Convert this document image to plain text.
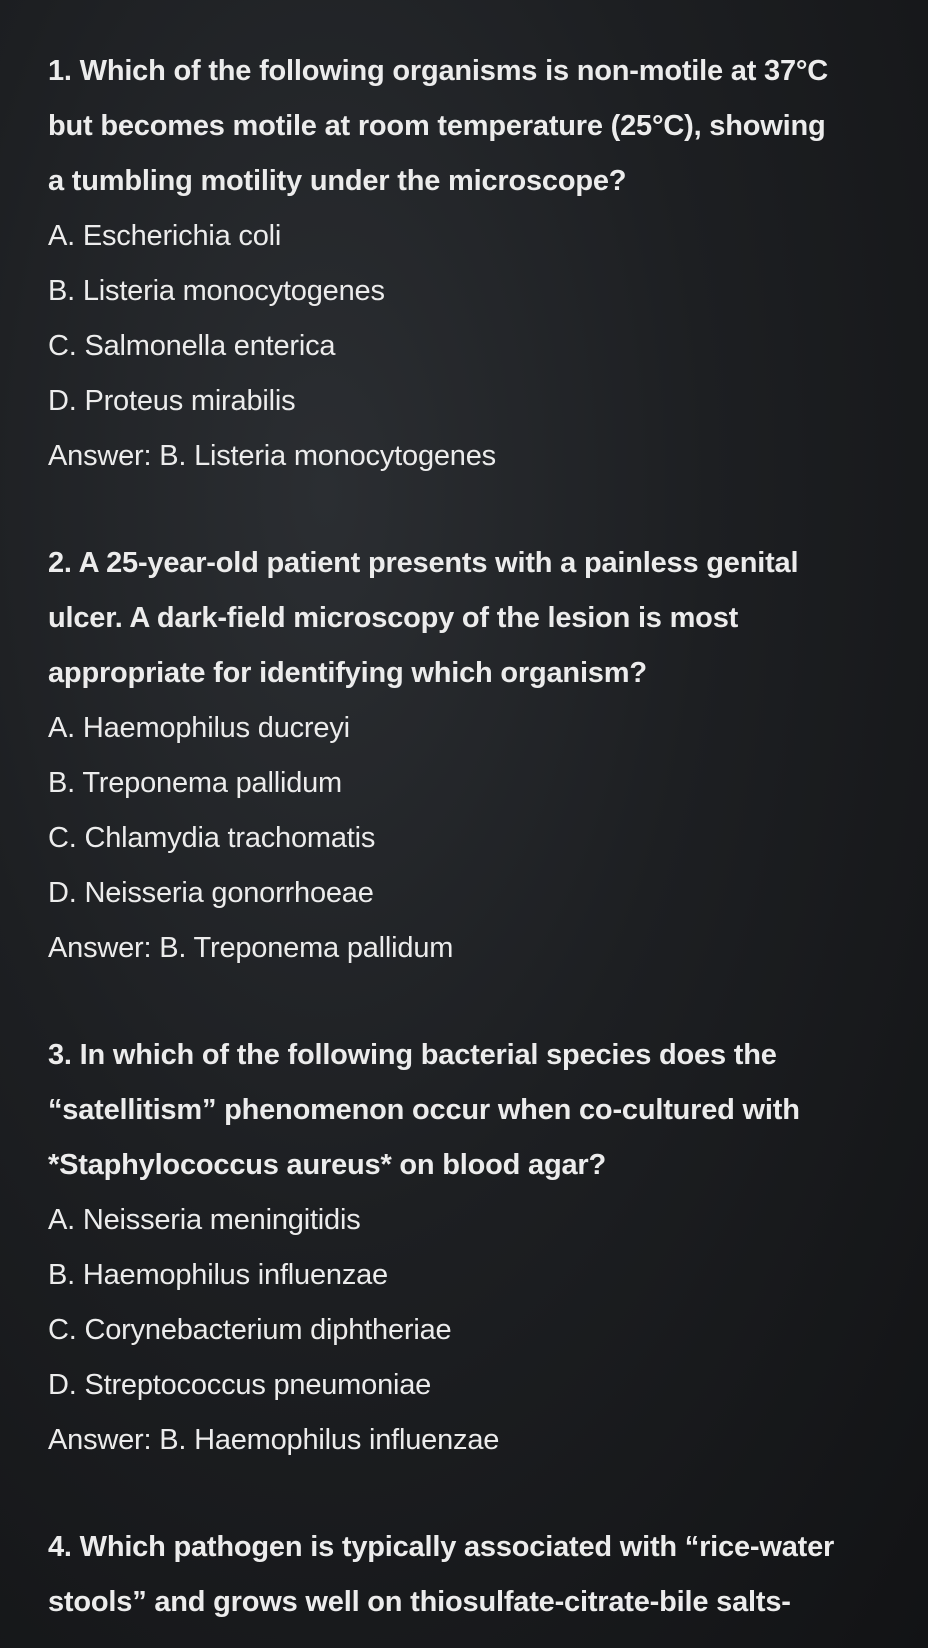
1. Which of the following organisms is non-motile at 37°C
but becomes motile at room temperature (25°C), showing
a tumbling motility under the microscope?
A. Escherichia coli
B. Listeria monocytogenes
C. Salmonella enterica
D. Proteus mirabilis
Answer: B. Listeria monocytogenes
2. A 25-year-old patient presents with a painless genital
ulcer. A dark-field microscopy of the lesion is most
appropriate for identifying which organism?
A. Haemophilus ducreyi
B. Treponema pallidum
C. Chlamydia trachomatis
D. Neisseria gonorrhoeae
Answer: B. Treponema pallidum
3. In which of the following bacterial species does the
“satellitism” phenomenon occur when co-cultured with
*Staphylococcus aureus* on blood agar?
A. Neisseria meningitidis
B. Haemophilus influenzae
C. Corynebacterium diphtheriae
D. Streptococcus pneumoniae
Answer: B. Haemophilus influenzae
4. Which pathogen is typically associated with “rice-water
stools” and grows well on thiosulfate-citrate-bile salts-
